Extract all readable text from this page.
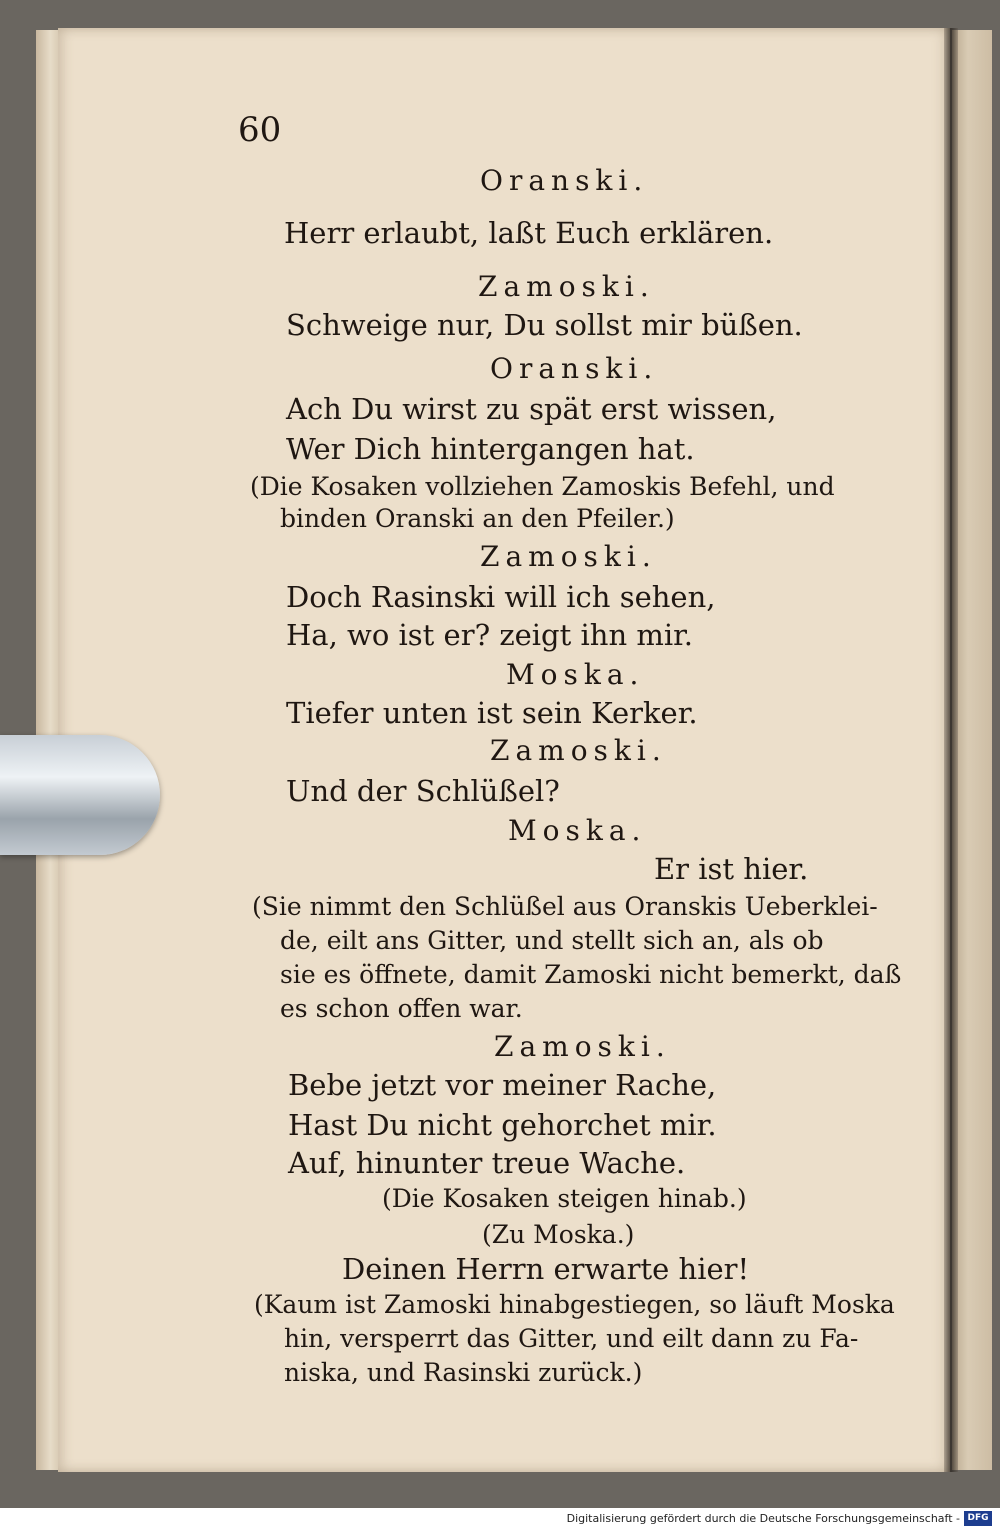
60
Oranski.
Herr erlaubt, laßt Euch erklären.
Zamoski.
Schweige nur, Du sollst mir büßen.
Oranski.
Ach Du wirst zu spät erst wissen,
Wer Dich hintergangen hat.
(Die Kosaken vollziehen Zamoskis Befehl, und
binden Oranski an den Pfeiler.)
Zamoski.
Doch Rasinski will ich sehen,
Ha, wo ist er? zeigt ihn mir.
Moska.
Tiefer unten ist sein Kerker.
Zamoski.
Und der Schlüßel?
Moska.
Er ist hier.
(Sie nimmt den Schlüßel aus Oranskis Ueberklei-
de, eilt ans Gitter, und stellt sich an, als ob
sie es öffnete, damit Zamoski nicht bemerkt, daß
es schon offen war.
Zamoski.
Bebe jetzt vor meiner Rache,
Hast Du nicht gehorchet mir.
Auf, hinunter treue Wache.
(Die Kosaken steigen hinab.)
(Zu Moska.)
Deinen Herrn erwarte hier!
(Kaum ist Zamoski hinabgestiegen, so läuft Moska
hin, versperrt das Gitter, und eilt dann zu Fa-
niska, und Rasinski zurück.)
Digitalisierung gefördert durch die Deutsche Forschungsgemeinschaft - DFG
